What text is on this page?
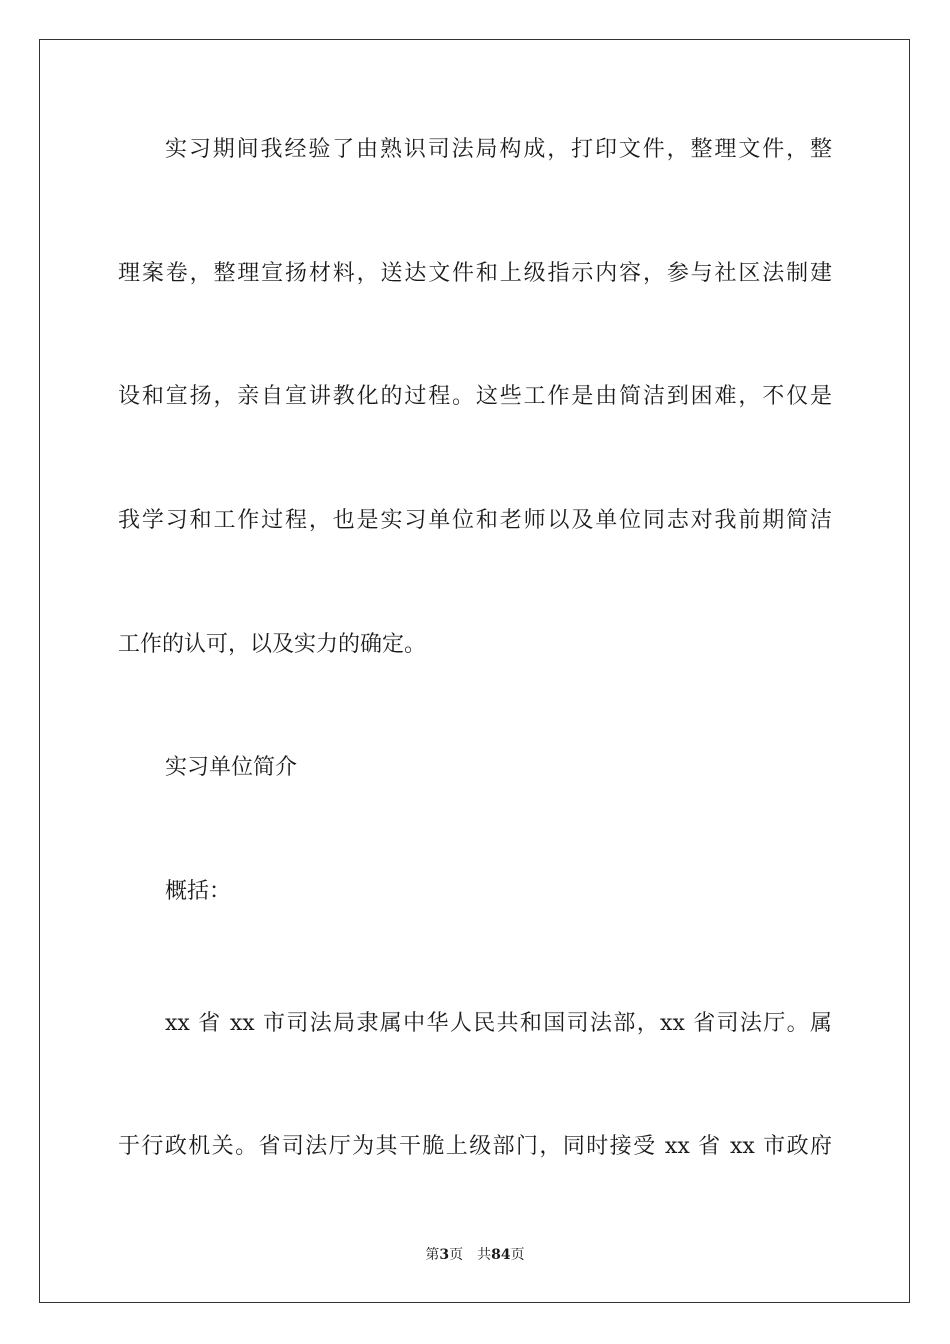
实习期间我经验了由熟识司法局构成，打印文件，整理文件，整
理案卷，整理宣扬材料，送达文件和上级指示内容，参与社区法制建
设和宣扬，亲自宣讲教化的过程。这些工作是由简洁到困难，不仅是
我学习和工作过程，也是实习单位和老师以及单位同志对我前期简洁
工作的认可，以及实力的确定。
实习单位简介
概括：
xx 省 xx 市司法局隶属中华人民共和国司法部，xx 省司法厅。属
于行政机关。省司法厅为其干脆上级部门，同时接受 xx 省 xx 市政府
第3页 共84页
